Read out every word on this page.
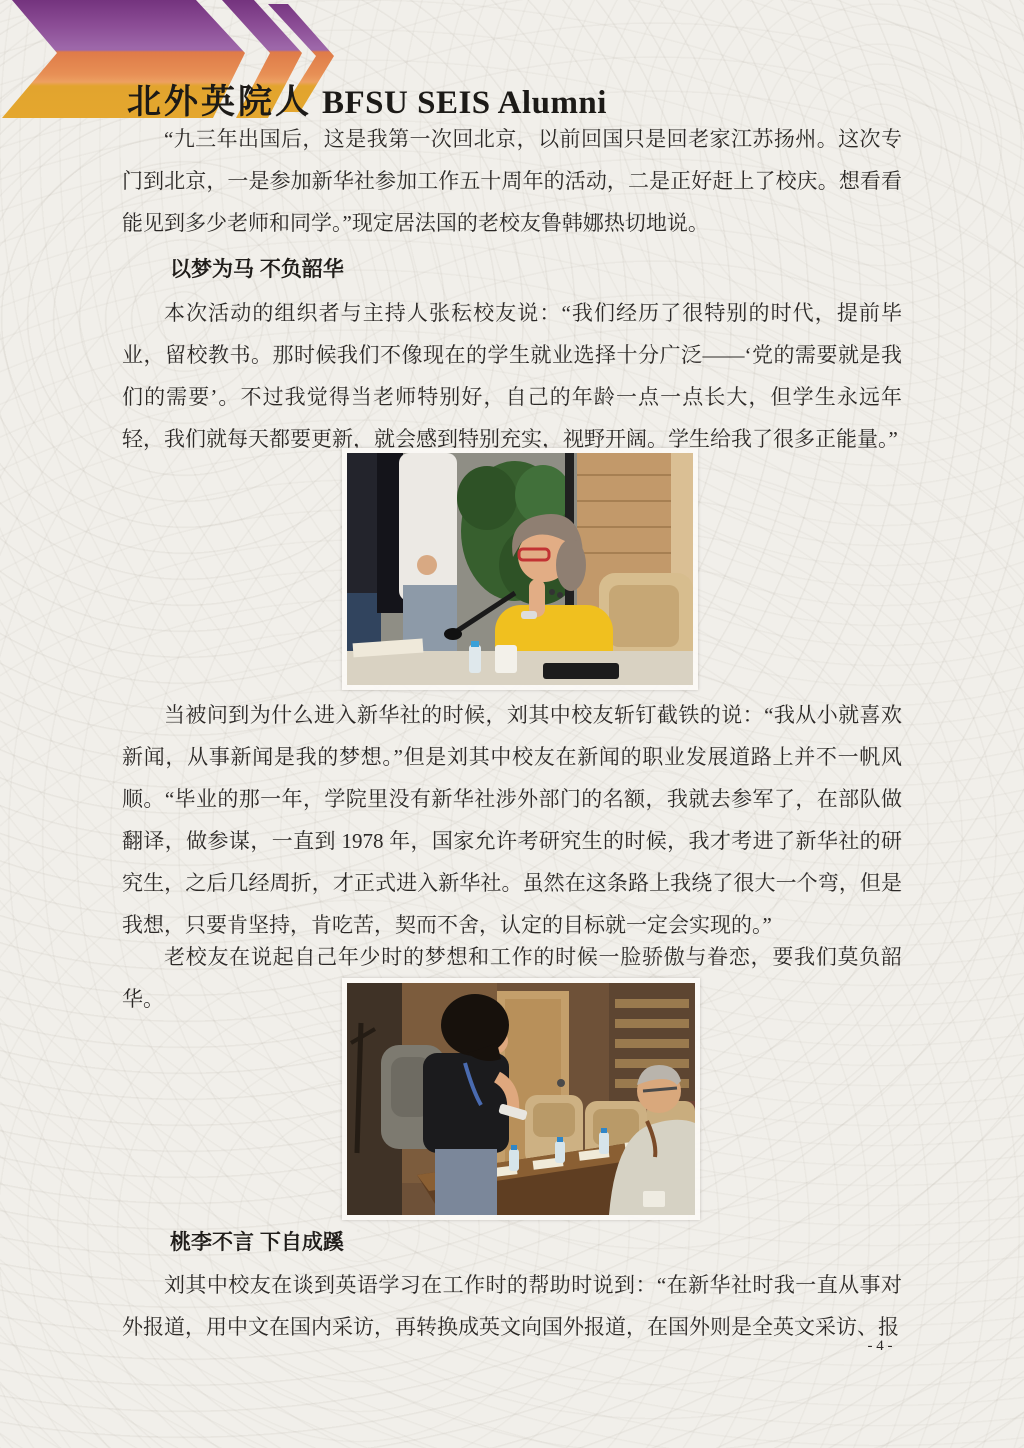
北外英院人 BFSU SEIS Alumni

“九三年出国后，这是我第一次回北京，以前回国只是回老家江苏扬州。这次专门到北京，一是参加新华社参加工作五十周年的活动，二是正好赶上了校庆。想看看能见到多少老师和同学。”现定居法国的老校友鲁韩娜热切地说。

以梦为马 不负韶华

本次活动的组织者与主持人张秐校友说：“我们经历了很特别的时代，提前毕业，留校教书。那时候我们不像现在的学生就业选择十分广泛——‘党的需要就是我们的需要’。不过我觉得当老师特别好，自己的年龄一点一点长大，但学生永远年轻，我们就每天都要更新，就会感到特别充实，视野开阔。学生给我了很多正能量。”

当被问到为什么进入新华社的时候，刘其中校友斩钉截铁的说：“我从小就喜欢新闻，从事新闻是我的梦想。”但是刘其中校友在新闻的职业发展道路上并不一帆风顺。“毕业的那一年，学院里没有新华社涉外部门的名额，我就去参军了，在部队做翻译，做参谋，一直到 1978 年，国家允许考研究生的时候，我才考进了新华社的研究生，之后几经周折，才正式进入新华社。虽然在这条路上我绕了很大一个弯，但是我想，只要肯坚持，肯吃苦，契而不舍，认定的目标就一定会实现的。”

老校友在说起自己年少时的梦想和工作的时候一脸骄傲与眷恋，要我们莫负韶华。

桃李不言 下自成蹊

刘其中校友在谈到英语学习在工作时的帮助时说到：“在新华社时我一直从事对外报道，用中文在国内采访，再转换成英文向国外报道，在国外则是全英文采访、报

- 4 -
